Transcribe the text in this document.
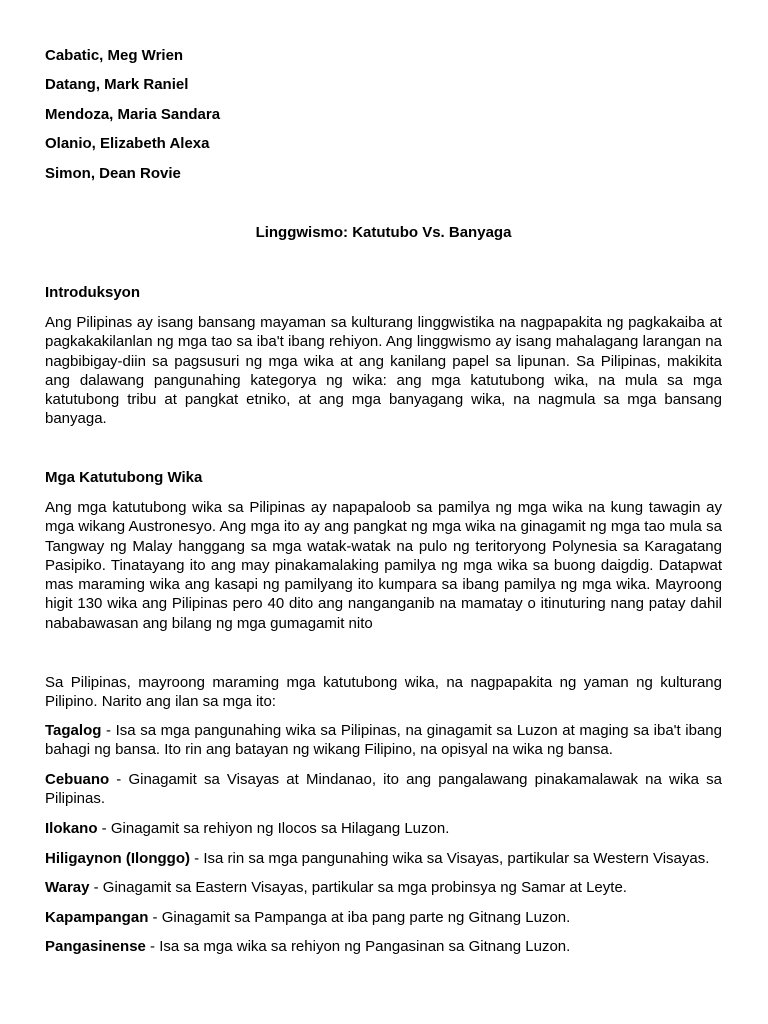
Cabatic, Meg Wrien
Datang, Mark Raniel
Mendoza, Maria Sandara
Olanio, Elizabeth Alexa
Simon, Dean Rovie
Linggwismo: Katutubo Vs. Banyaga
Introduksyon

Ang Pilipinas ay isang bansang mayaman sa kulturang linggwistika na nagpapakita ng pagkakaiba at pagkakakilanlan ng mga tao sa iba't ibang rehiyon. Ang linggwismo ay isang mahalagang larangan na nagbibigay-diin sa pagsusuri ng mga wika at ang kanilang papel sa lipunan. Sa Pilipinas, makikita ang dalawang pangunahing kategorya ng wika: ang mga katutubong wika, na mula sa mga katutubong tribu at pangkat etniko, at ang mga banyagang wika, na nagmula sa mga bansang banyaga.

Mga Katutubong Wika

Ang mga katutubong wika sa Pilipinas ay napapaloob sa pamilya ng mga wika na kung tawagin ay mga wikang Austronesyo. Ang mga ito ay ang pangkat ng mga wika na ginagamit ng mga tao mula sa Tangway ng Malay hanggang sa mga watak-watak na pulo ng teritoryong Polynesia sa Karagatang Pasipiko. Tinatayang ito ang may pinakamalaking pamilya ng mga wika sa buong daigdig. Datapwat mas maraming wika ang kasapi ng pamilyang ito kumpara sa ibang pamilya ng mga wika. Mayroong higit 130 wika ang Pilipinas pero 40 dito ang nanganganib na mamatay o itinuturing nang patay dahil nababawasan ang bilang ng mga gumagamit nito

Sa Pilipinas, mayroong maraming mga katutubong wika, na nagpapakita ng yaman ng kulturang Pilipino. Narito ang ilan sa mga ito:

Tagalog - Isa sa mga pangunahing wika sa Pilipinas, na ginagamit sa Luzon at maging sa iba't ibang bahagi ng bansa. Ito rin ang batayan ng wikang Filipino, na opisyal na wika ng bansa.

Cebuano - Ginagamit sa Visayas at Mindanao, ito ang pangalawang pinakamalawak na wika sa Pilipinas.

Ilokano - Ginagamit sa rehiyon ng Ilocos sa Hilagang Luzon.

Hiligaynon (Ilonggo) - Isa rin sa mga pangunahing wika sa Visayas, partikular sa Western Visayas.

Waray - Ginagamit sa Eastern Visayas, partikular sa mga probinsya ng Samar at Leyte.

Kapampangan - Ginagamit sa Pampanga at iba pang parte ng Gitnang Luzon.

Pangasinense - Isa sa mga wika sa rehiyon ng Pangasinan sa Gitnang Luzon.
